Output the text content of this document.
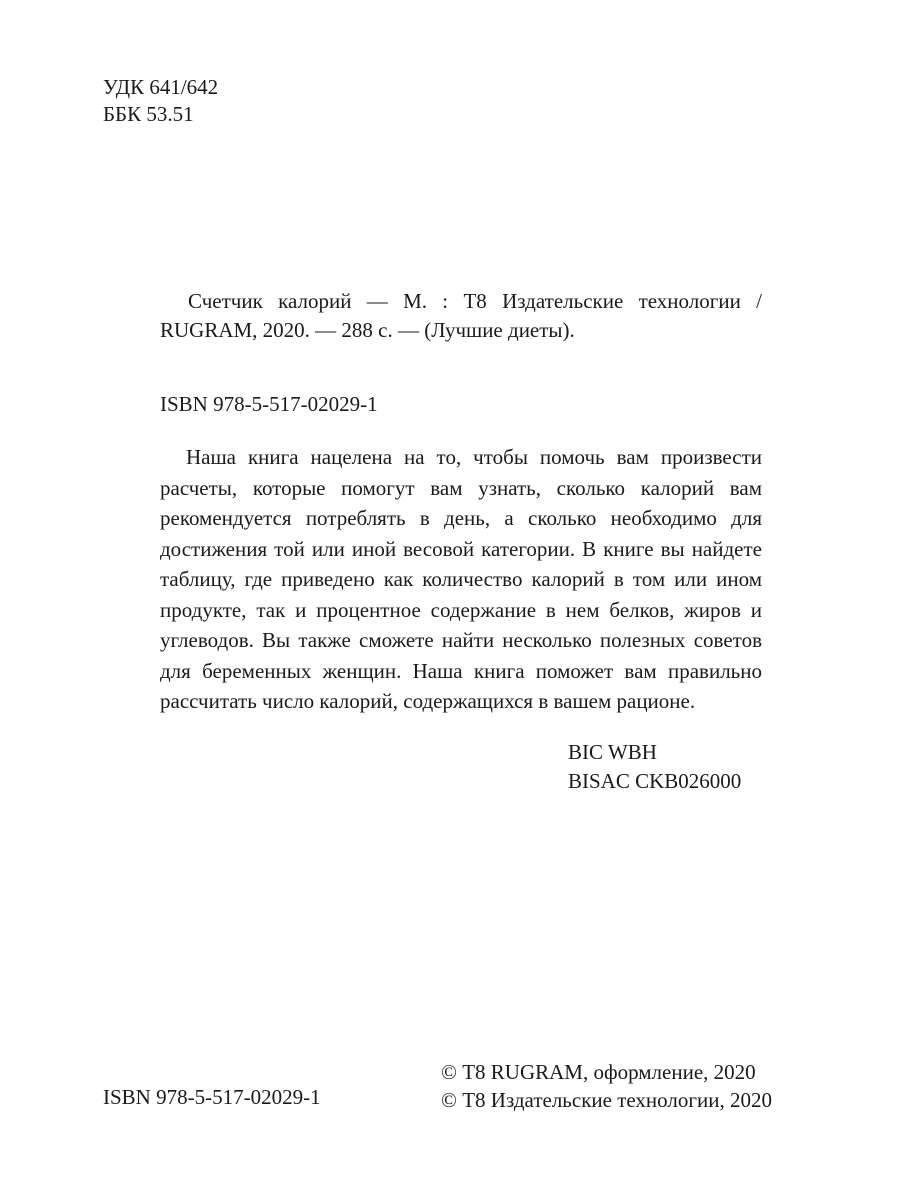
УДК 641/642
ББК 53.51

Счетчик калорий — М. : Т8 Издательские технологии / RUGRAM, 2020. — 288 с. — (Лучшие диеты).

ISBN 978-5-517-02029-1

Наша книга нацелена на то, чтобы помочь вам произвести расчеты, которые помогут вам узнать, сколько калорий вам рекомендуется потреблять в день, а сколько необходимо для достижения той или иной весовой категории. В книге вы найдете таблицу, где приведено как количество калорий в том или ином продукте, так и процентное содержание в нем белков, жиров и углеводов. Вы также сможете найти несколько полезных советов для беременных женщин. Наша книга поможет вам правильно рассчитать число калорий, содержащихся в вашем рационе.

BIC WBH
BISAC CKB026000
ISBN 978-5-517-02029-1
© Т8 RUGRAM, оформление, 2020
© Т8 Издательские технологии, 2020
